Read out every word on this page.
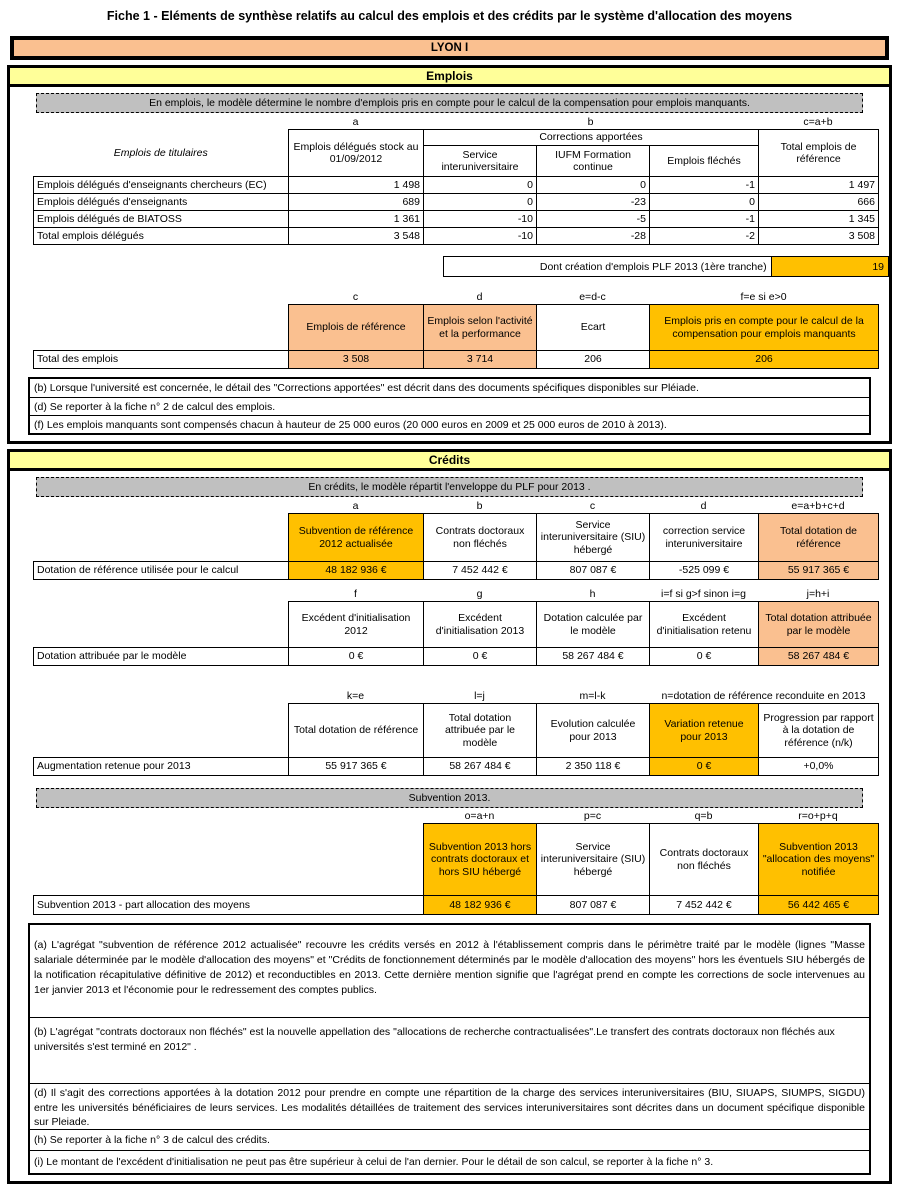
Fiche 1 - Eléments de synthèse relatifs au calcul des emplois et des crédits par le système d'allocation des moyens
LYON I
Emplois
En emplois, le modèle détermine le nombre d'emplois pris en compte pour le calcul de la compensation pour emplois manquants.
a	b	c=a+b
Emplois de titulaires	Emplois délégués stock au 01/09/2012	Corrections apportées			Total emplois de référence
		Service interuniversitaire	IUFM Formation continue	Emplois fléchés	
Emplois délégués d'enseignants chercheurs (EC)	1 498	0	0	-1	1 497
Emplois délégués d'enseignants	689	0	-23	0	666
Emplois délégués de BIATOSS	1 361	-10	-5	-1	1 345
Total emplois délégués	3 548	-10	-28	-2	3 508
Dont création d'emplois PLF 2013 (1ère tranche)	19
c	d	e=d-c	f=e si e>0
	Emplois de référence	Emplois selon l'activité et la performance	Ecart	Emplois pris en compte pour le calcul de la compensation pour emplois manquants
Total des emplois	3 508	3 714	206	206
(b) Lorsque l'université est concernée, le détail des "Corrections apportées" est décrit dans des documents spécifiques disponibles sur Pléiade.
(d) Se reporter à la fiche n° 2 de calcul des emplois.
(f) Les emplois manquants sont compensés chacun à hauteur de 25 000 euros (20 000 euros en 2009 et 25 000 euros de 2010 à 2013).
Crédits
En crédits, le modèle répartit l'enveloppe du PLF pour 2013 .
a	b	c	d	e=a+b+c+d
	Subvention de référence 2012 actualisée	Contrats doctoraux non fléchés	Service interuniversitaire (SIU) hébergé	correction service interuniversitaire	Total dotation de référence
Dotation de référence utilisée pour le calcul	48 182 936 €	7 452 442 €	807 087 €	-525 099 €	55 917 365 €
f	g	h	i=f si g>f sinon i=g	j=h+i
	Excédent d'initialisation 2012	Excédent d'initialisation 2013	Dotation calculée par le modèle	Excédent d'initialisation retenu	Total dotation attribuée par le modèle
Dotation attribuée par le modèle	0 €	0 €	58 267 484 €	0 €	58 267 484 €
k=e	l=j	m=l-k	n=dotation de référence reconduite en 2013
	Total dotation de référence	Total dotation attribuée par le modèle	Evolution calculée pour 2013	Variation retenue pour 2013	Progression par rapport à la dotation de référence (n/k)
Augmentation retenue pour 2013	55 917 365 €	58 267 484 €	2 350 118 €	0 €	+0,0%
Subvention 2013.
o=a+n	p=c	q=b	r=o+p+q
	Subvention 2013 hors contrats doctoraux et hors SIU hébergé	Service interuniversitaire (SIU) hébergé	Contrats doctoraux non fléchés	Subvention 2013 "allocation des moyens" notifiée
Subvention 2013 - part allocation des moyens	48 182 936 €	807 087 €	7 452 442 €	56 442 465 €
(a) L'agrégat "subvention de référence 2012 actualisée" recouvre les crédits versés en 2012 à l'établissement compris dans le périmètre traité par le modèle (lignes "Masse salariale déterminée par le modèle d'allocation des moyens" et "Crédits de fonctionnement déterminés par le modèle d'allocation des moyens" hors les éventuels SIU hébergés de la notification récapitulative définitive de 2012) et reconductibles en 2013. Cette dernière mention signifie que l'agrégat prend en compte les corrections de socle intervenues au 1er janvier 2013 et l'économie pour le redressement des comptes publics.
(b) L'agrégat "contrats doctoraux non fléchés" est la nouvelle appellation des "allocations de recherche contractualisées".Le transfert des contrats doctoraux non fléchés aux universités s'est terminé en 2012" .
(d) Il s'agit des corrections apportées à la dotation 2012 pour prendre en compte une répartition de la charge des services interuniversitaires (BIU, SIUAPS, SIUMPS, SIGDU) entre les universités bénéficiaires de leurs services. Les modalités détaillées de traitement des services interuniversitaires sont décrites dans un document spécifique disponible sur Pleiade.
(h) Se reporter à la fiche n° 3 de calcul des crédits.
(i) Le montant de l'excédent d'initialisation ne peut pas être supérieur à celui de l'an dernier. Pour le détail de son calcul, se reporter à la fiche n° 3.
